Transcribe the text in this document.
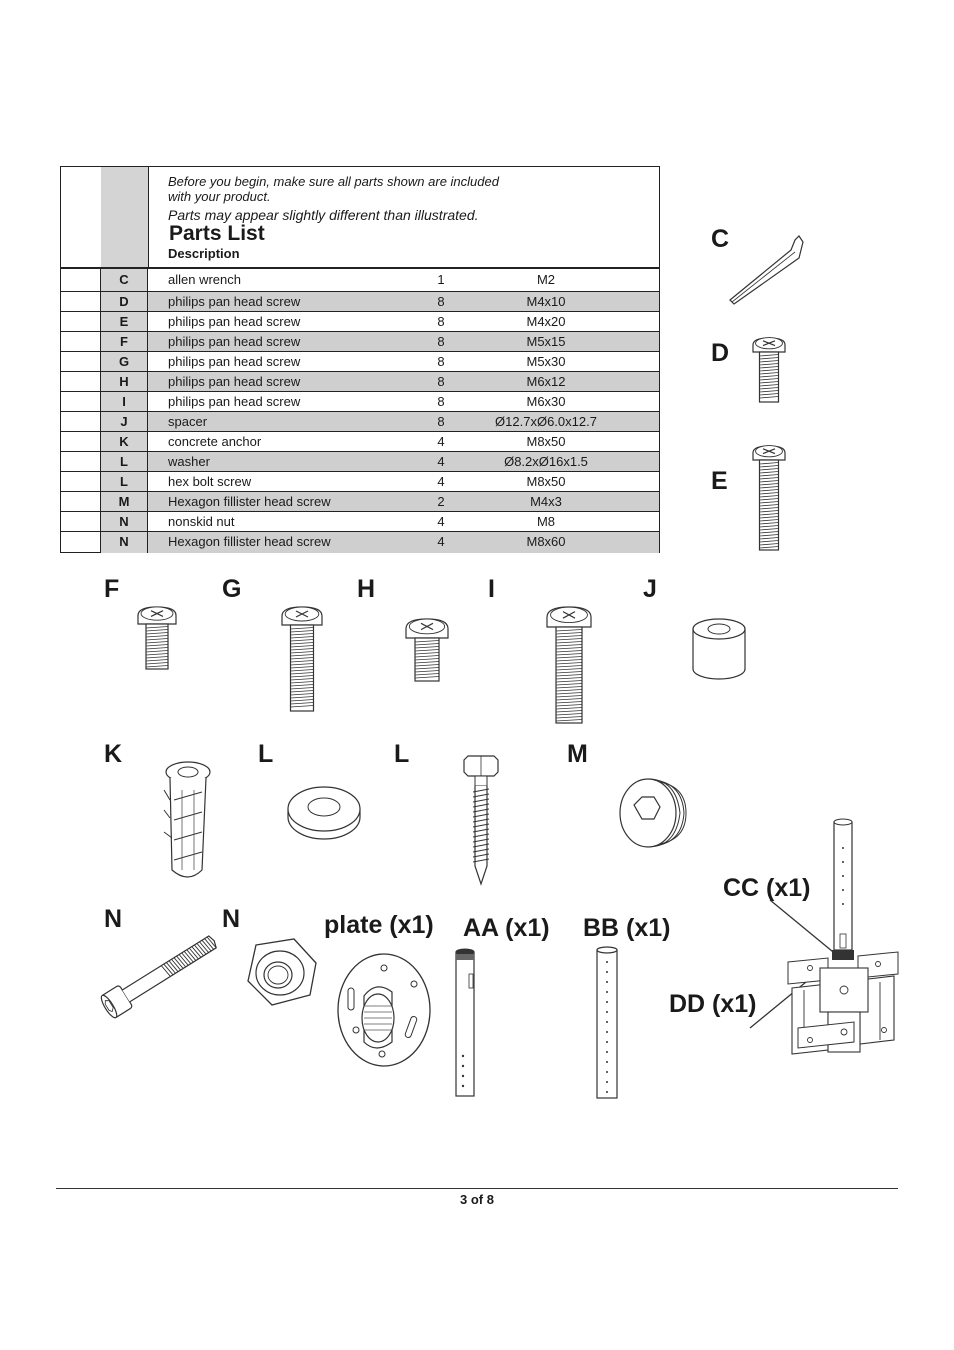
Before you begin, make sure all parts shown are included
with your product.
Parts may appear slightly different than illustrated.
Parts List
Description
C	allen wrench	1	M2
D	philips pan head screw	8	M4x10
E	philips pan head screw	8	M4x20
F	philips pan head screw	8	M5x15
G	philips pan head screw	8	M5x30
H	philips pan head screw	8	M6x12
I	philips pan head screw	8	M6x30
J	spacer	8	Ø12.7xØ6.0x12.7
K	concrete anchor	4	M8x50
L	washer	4	Ø8.2xØ16x1.5
L	hex bolt screw	4	M8x50
M	Hexagon fillister head screw	2	M4x3
N	nonskid nut	4	M8
N	Hexagon fillister head screw	4	M8x60
C
D
E
F	G	H	I	J
K	L	L	M
N	N	plate (x1) AA (x1) BB (x1)
CC (x1)
DD (x1)
3 of 8
